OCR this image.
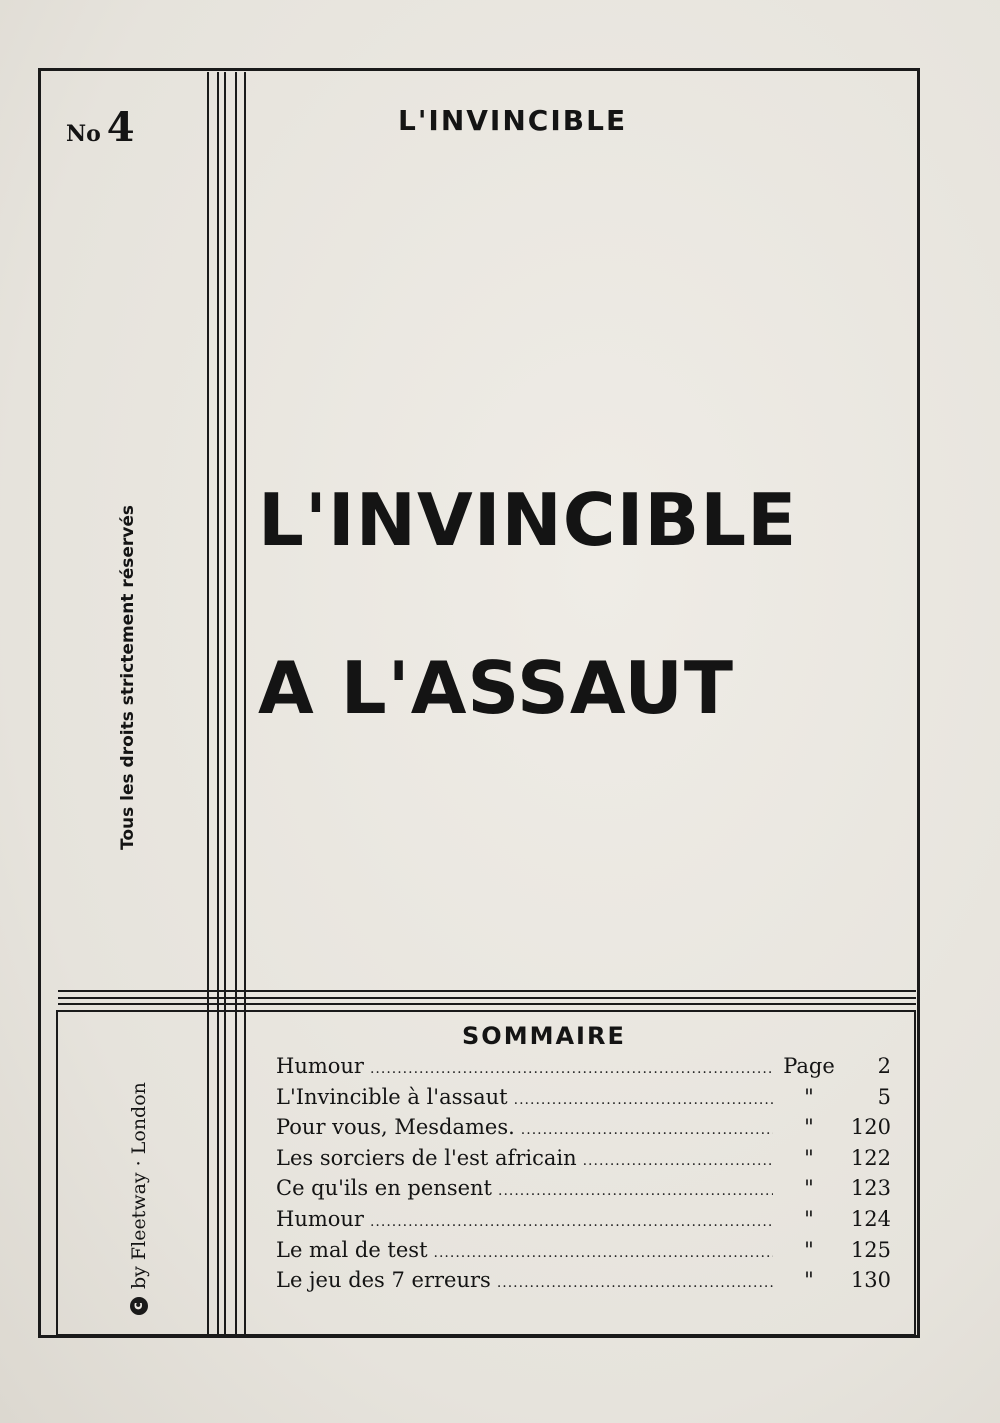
No 4	L'INVINCIBLE
L'INVINCIBLE
A L'ASSAUT
Tous les droits strictement réservés
c
by Fleetway · London
SOMMAIRE
Humour .....	Page	2
L'Invincible à l'assaut .....	"	5
Pour vous, Mesdames. .....	"	120
Les sorciers de l'est africain .....	"	122
Ce qu'ils en pensent .....	"	123
Humour .....	"	124
Le mal de test .....	"	125
Le jeu des 7 erreurs .....	"	130
